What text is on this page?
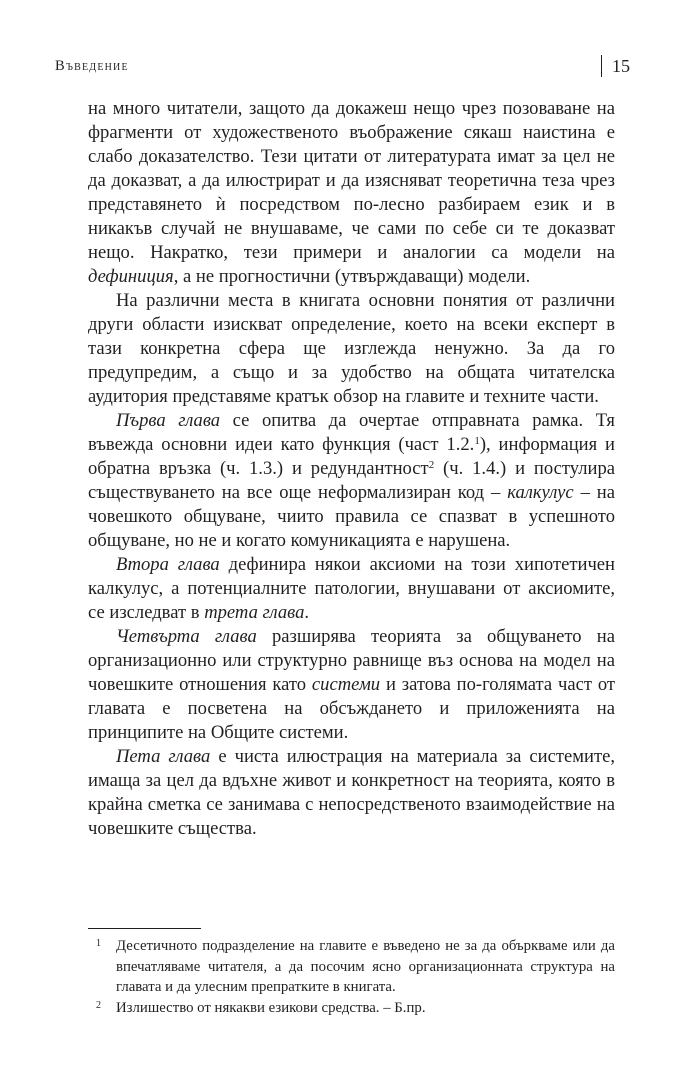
Въведение	15

на много читатели, защото да докажеш нещо чрез позоваване на фрагменти от художественото въображение сякаш наистина е слабо доказателство. Тези цитати от литературата имат за цел не да доказват, а да илюстрират и да изясняват теоретична теза чрез представянето ѝ посредством по-лесно разбираем език и в никакъв случай не внушаваме, че сами по себе си те доказват нещо. Накратко, тези примери и аналогии са модели на дефиниция, а не прогностични (утвърждаващи) модели.

На различни места в книгата основни понятия от различни други области изискват определение, което на всеки експерт в тази конкретна сфера ще изглежда ненужно. За да го предупредим, а също и за удобство на общата читателска аудитория представяме кратък обзор на главите и техните части.

Първа глава се опитва да очертае отправната рамка. Тя въвежда основни идеи като функция (част 1.2.$^1$), информация и обратна връзка (ч. 1.3.) и редундантност$^2$ (ч. 1.4.) и постулира съществуването на все още неформализиран код – калкулус – на човешкото общуване, чиито правила се спазват в успешното общуване, но не и когато комуникацията е нарушена.

Втора глава дефинира някои аксиоми на този хипотетичен калкулус, а потенциалните патологии, внушавани от аксиомите, се изследват в трета глава.

Четвърта глава разширява теорията за общуването на организационно или структурно равнище въз основа на модел на човешките отношения като системи и затова по-голямата част от главата е посветена на обсъждането и приложенията на принципите на Общите системи.

Пета глава е чиста илюстрация на материала за системите, имаща за цел да вдъхне живот и конкретност на теорията, която в крайна сметка се занимава с непосредственото взаимодействие на човешките същества.

1	Десетичното подразделение на главите е въведено не за да объркваме или да впечатляваме читателя, а да посочим ясно организационната структура на главата и да улесним препратките в книгата.
2	Излишество от някакви езикови средства. – Б.пр.
